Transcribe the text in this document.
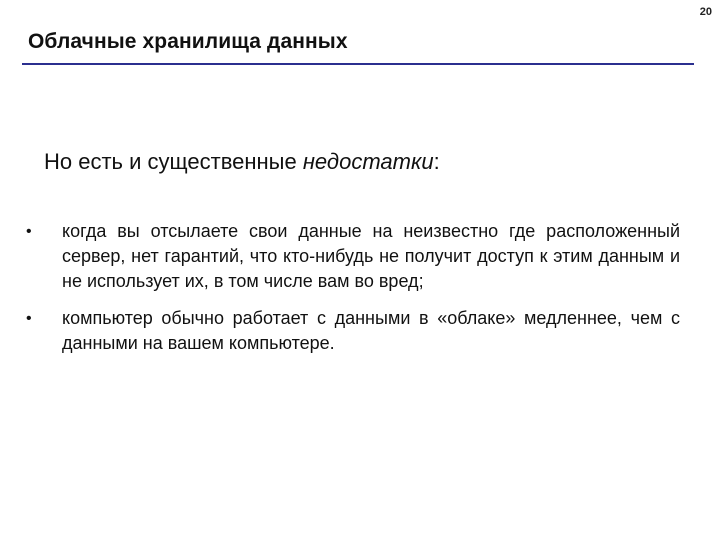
20
Облачные хранилища данных
Но есть и существенные недостатки:
• когда вы отсылаете свои данные на неизвестно где расположенный сервер, нет гарантий, что кто-нибудь не получит доступ к этим данным и не использует их, в том числе вам во вред;
• компьютер обычно работает с данными в «облаке» медленнее, чем с данными на вашем компьютере.
